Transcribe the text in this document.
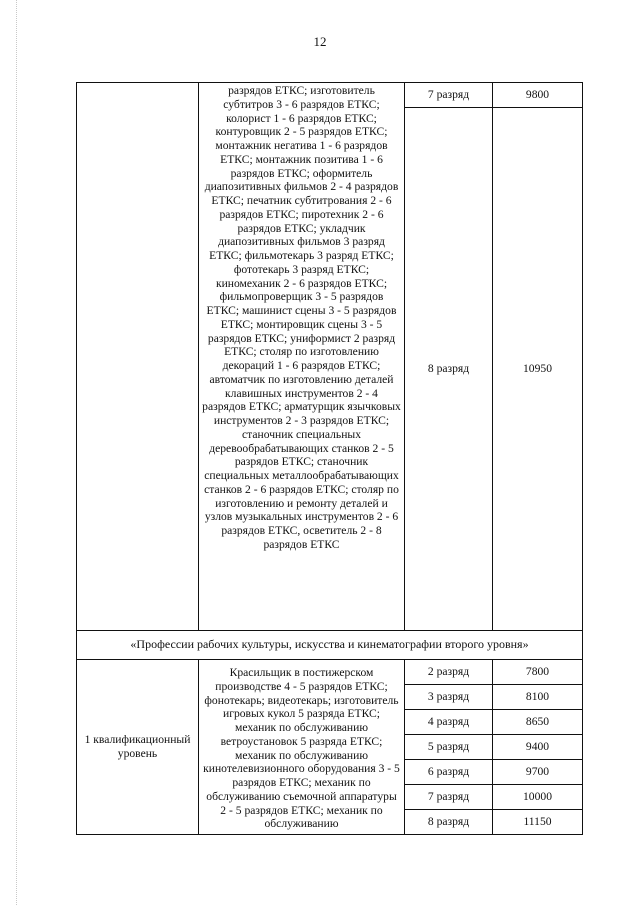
12
	разрядов ЕТКС; изготовитель субтитров 3 - 6 разрядов ЕТКС; колорист 1 - 6 разрядов ЕТКС; контуровщик 2 - 5 разрядов ЕТКС; монтажник негатива 1 - 6 разрядов ЕТКС; монтажник позитива 1 - 6 разрядов ЕТКС; оформитель диапозитивных фильмов 2 - 4 разрядов ЕТКС; печатник субтитрования 2 - 6 разрядов ЕТКС; пиротехник 2 - 6 разрядов ЕТКС; укладчик диапозитивных фильмов 3 разряд ЕТКС; фильмотекарь 3 разряд ЕТКС; фототекарь 3 разряд ЕТКС; киномеханик 2 - 6 разрядов ЕТКС; фильмопроверщик 3 - 5 разрядов ЕТКС; машинист сцены 3 - 5 разрядов ЕТКС; монтировщик сцены 3 - 5 разрядов ЕТКС; униформист 2 разряд ЕТКС; столяр по изготовлению декораций 1 - 6 разрядов ЕТКС; автоматчик по изготовлению деталей клавишных инструментов 2 - 4 разрядов ЕТКС; арматурщик язычковых инструментов 2 - 3 разрядов ЕТКС; станочник специальных деревообрабатывающих станков 2 - 5 разрядов ЕТКС; станочник специальных металлообрабатывающих станков 2 - 6 разрядов ЕТКС; столяр по изготовлению и ремонту деталей и узлов музыкальных инструментов 2 - 6 разрядов ЕТКС, осветитель 2 - 8 разрядов ЕТКС	7 разряд	9800
		8 разряд	10950
«Профессии рабочих культуры, искусства и кинематографии второго уровня»			
1 квалификационный уровень	Красильщик в постижерском производстве 4 - 5 разрядов ЕТКС; фонотекарь; видеотекарь; изготовитель игровых кукол 5 разряда ЕТКС; механик по обслуживанию ветроустановок 5 разряда ЕТКС; механик по обслуживанию кинотелевизионного оборудования 3 - 5 разрядов ЕТКС; механик по обслуживанию съемочной аппаратуры 2 - 5 разрядов ЕТКС; механик по обслуживанию	2 разряд	7800
		3 разряд	8100
		4 разряд	8650
		5 разряд	9400
		6 разряд	9700
		7 разряд	10000
		8 разряд	11150
